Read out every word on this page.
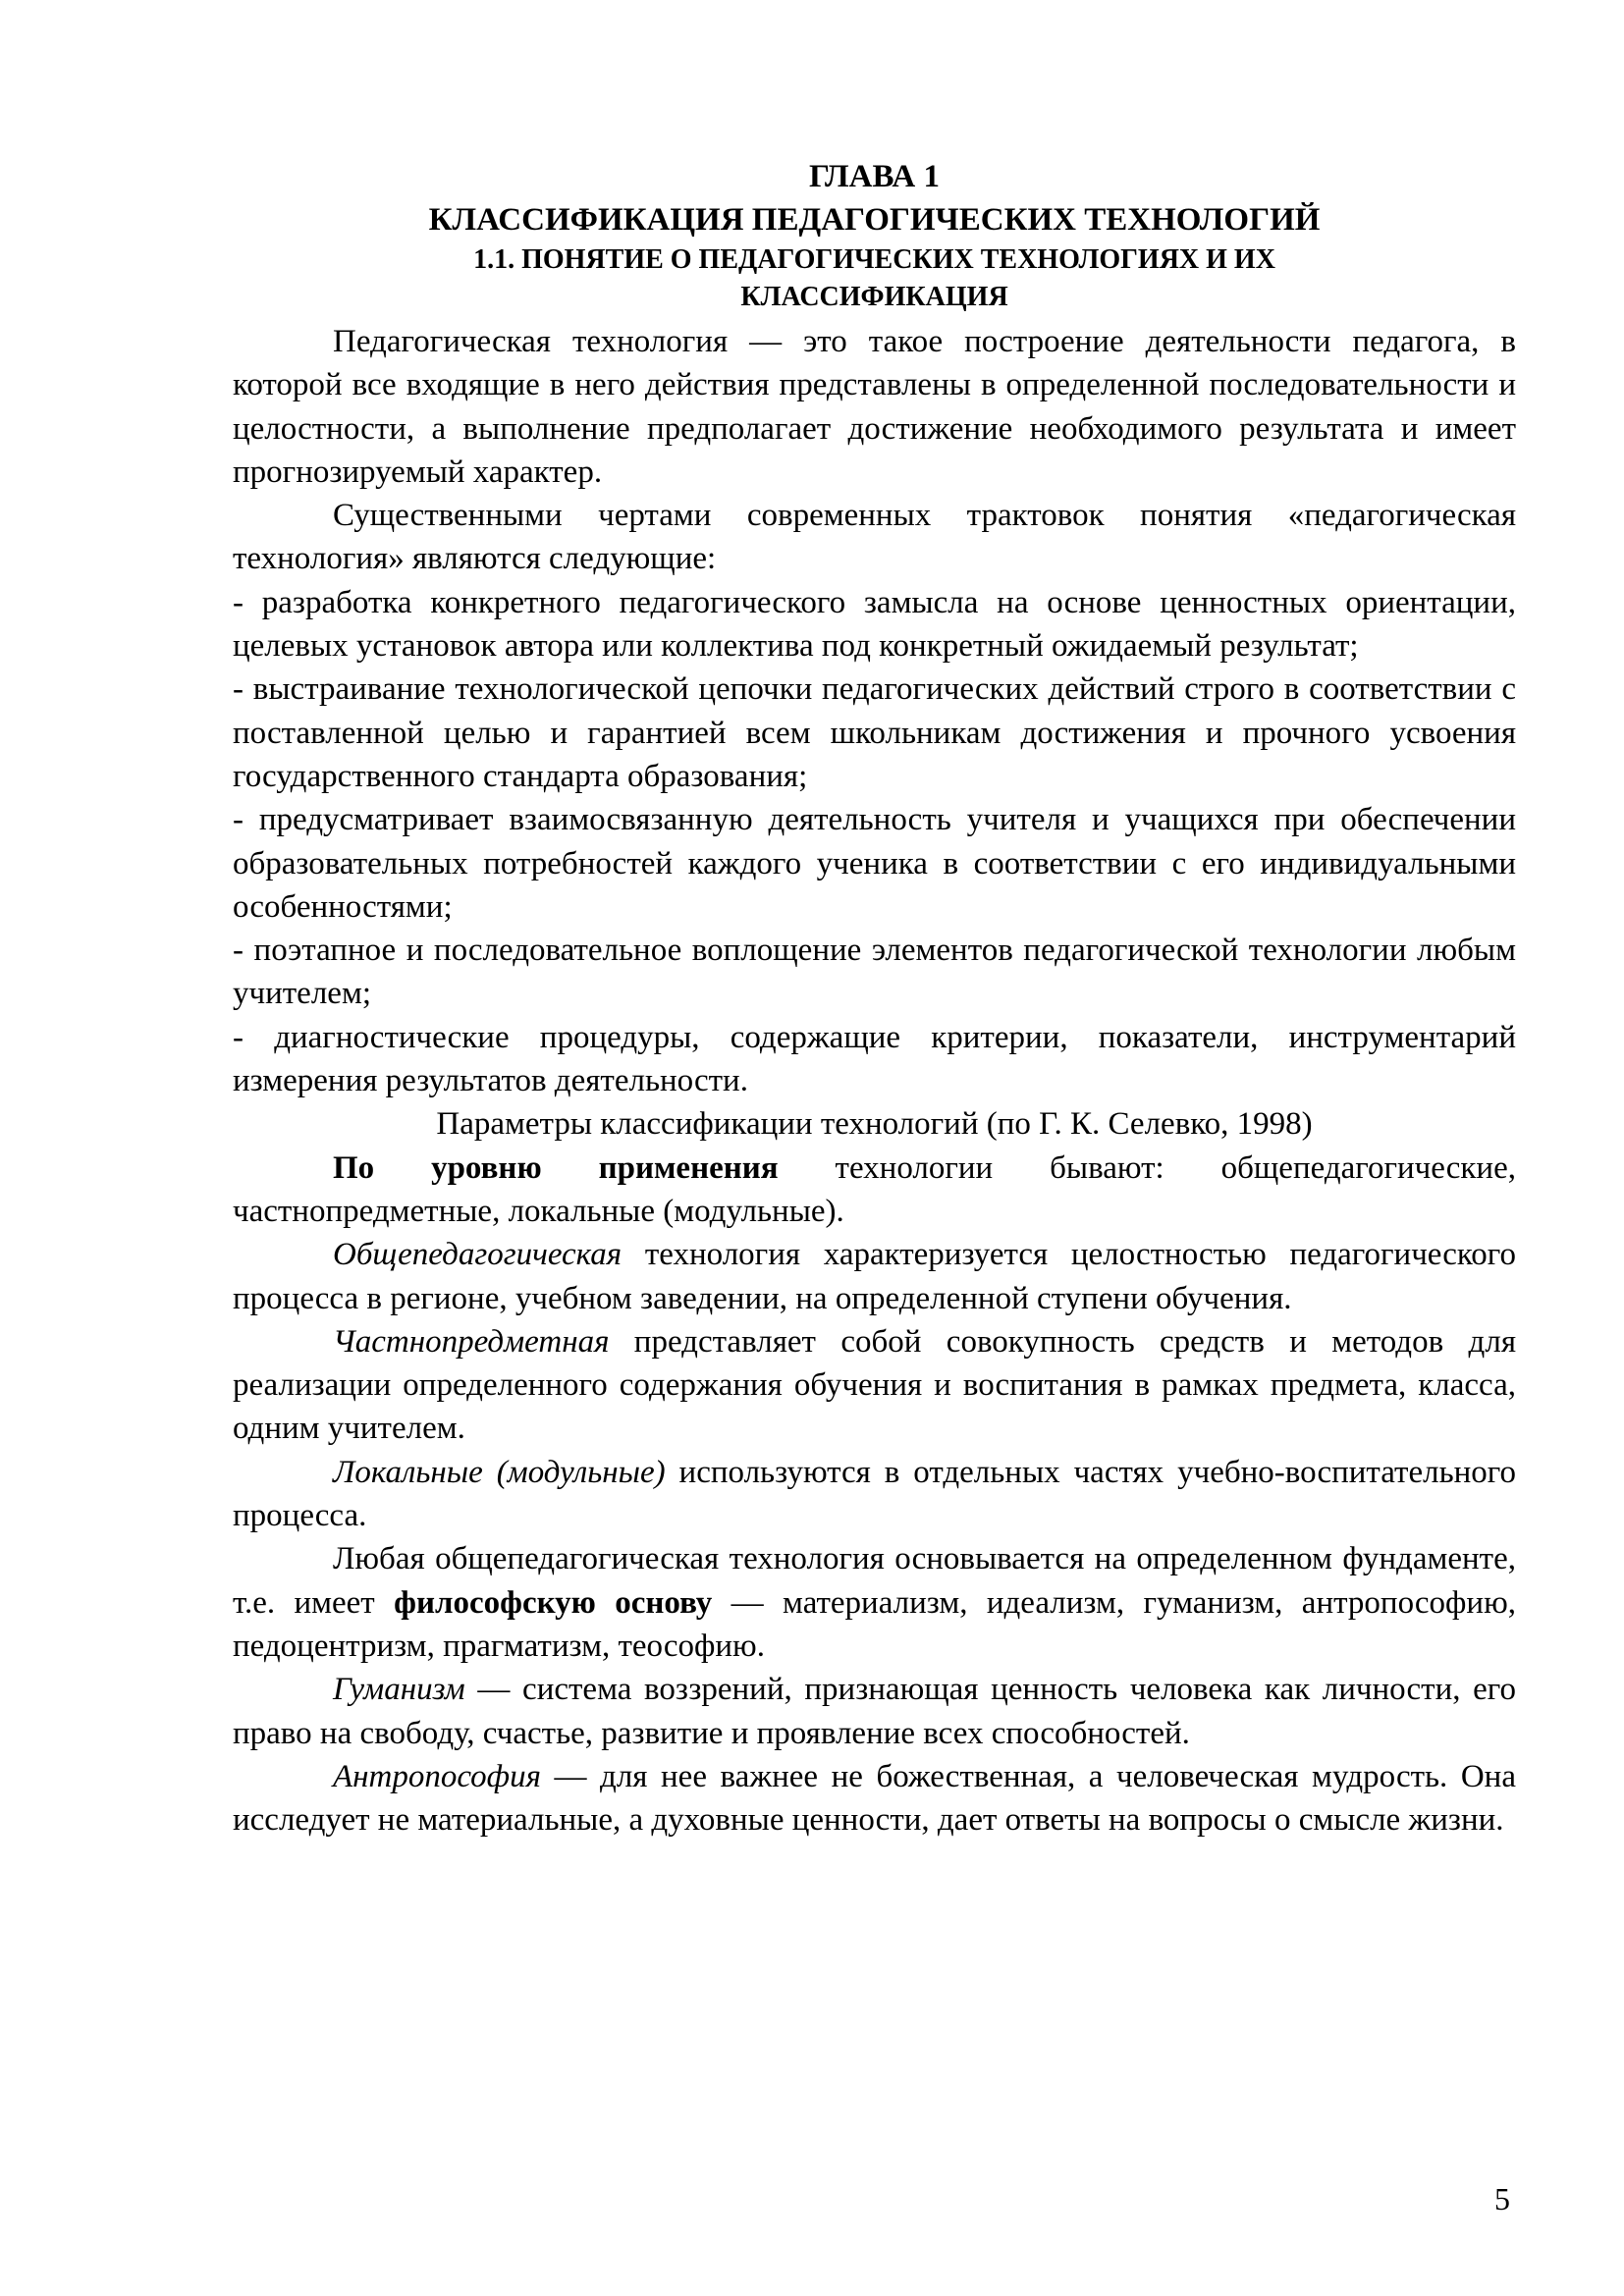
ГЛАВА 1

КЛАССИФИКАЦИЯ ПЕДАГОГИЧЕСКИХ ТЕХНОЛОГИЙ

1.1. ПОНЯТИЕ О ПЕДАГОГИЧЕСКИХ ТЕХНОЛОГИЯХ И ИХ

КЛАССИФИКАЦИЯ

Педагогическая технология — это такое построение деятельности педагога, в которой все входящие в него действия представлены в определенной последовательности и целостности, а выполнение предполагает достижение необходимого результата и имеет прогнозируемый характер.

Существенными чертами современных трактовок понятия «педагогическая технология» являются следующие:

- разработка конкретного педагогического замысла на основе ценностных ориентации, целевых установок автора или коллектива под конкретный ожидаемый результат;

- выстраивание технологической цепочки педагогических действий строго в соответствии с поставленной целью и гарантией всем школьникам достижения и прочного усвоения государственного стандарта образования;

- предусматривает взаимосвязанную деятельность учителя и учащихся при обеспечении образовательных потребностей каждого ученика в соответствии с его индивидуальными особенностями;

- поэтапное и последовательное воплощение элементов педагогической технологии любым учителем;

- диагностические процедуры, содержащие критерии, показатели, инструментарий измерения результатов деятельности.

Параметры классификации технологий (по Г. К. Селевко, 1998)

По уровню применения технологии бывают: общепедагогические, частнопредметные, локальные (модульные).

Общепедагогическая технология характеризуется целостностью педагогического процесса в регионе, учебном заведении, на определенной ступени обучения.

Частнопредметная представляет собой совокупность средств и методов для реализации определенного содержания обучения и воспитания в рамках предмета, класса, одним учителем.

Локальные (модульные) используются в отдельных частях учебно-воспитательного процесса.

Любая общепедагогическая технология основывается на определенном фундаменте, т.е. имеет философскую основу — материализм, идеализм, гуманизм, антропософию, педоцентризм, прагматизм, теософию.

Гуманизм — система воззрений, признающая ценность человека как личности, его право на свободу, счастье, развитие и проявление всех способностей.

Антропософия — для нее важнее не божественная, а человеческая мудрость. Она исследует не материальные, а духовные ценности, дает ответы на вопросы о смысле жизни.

5
